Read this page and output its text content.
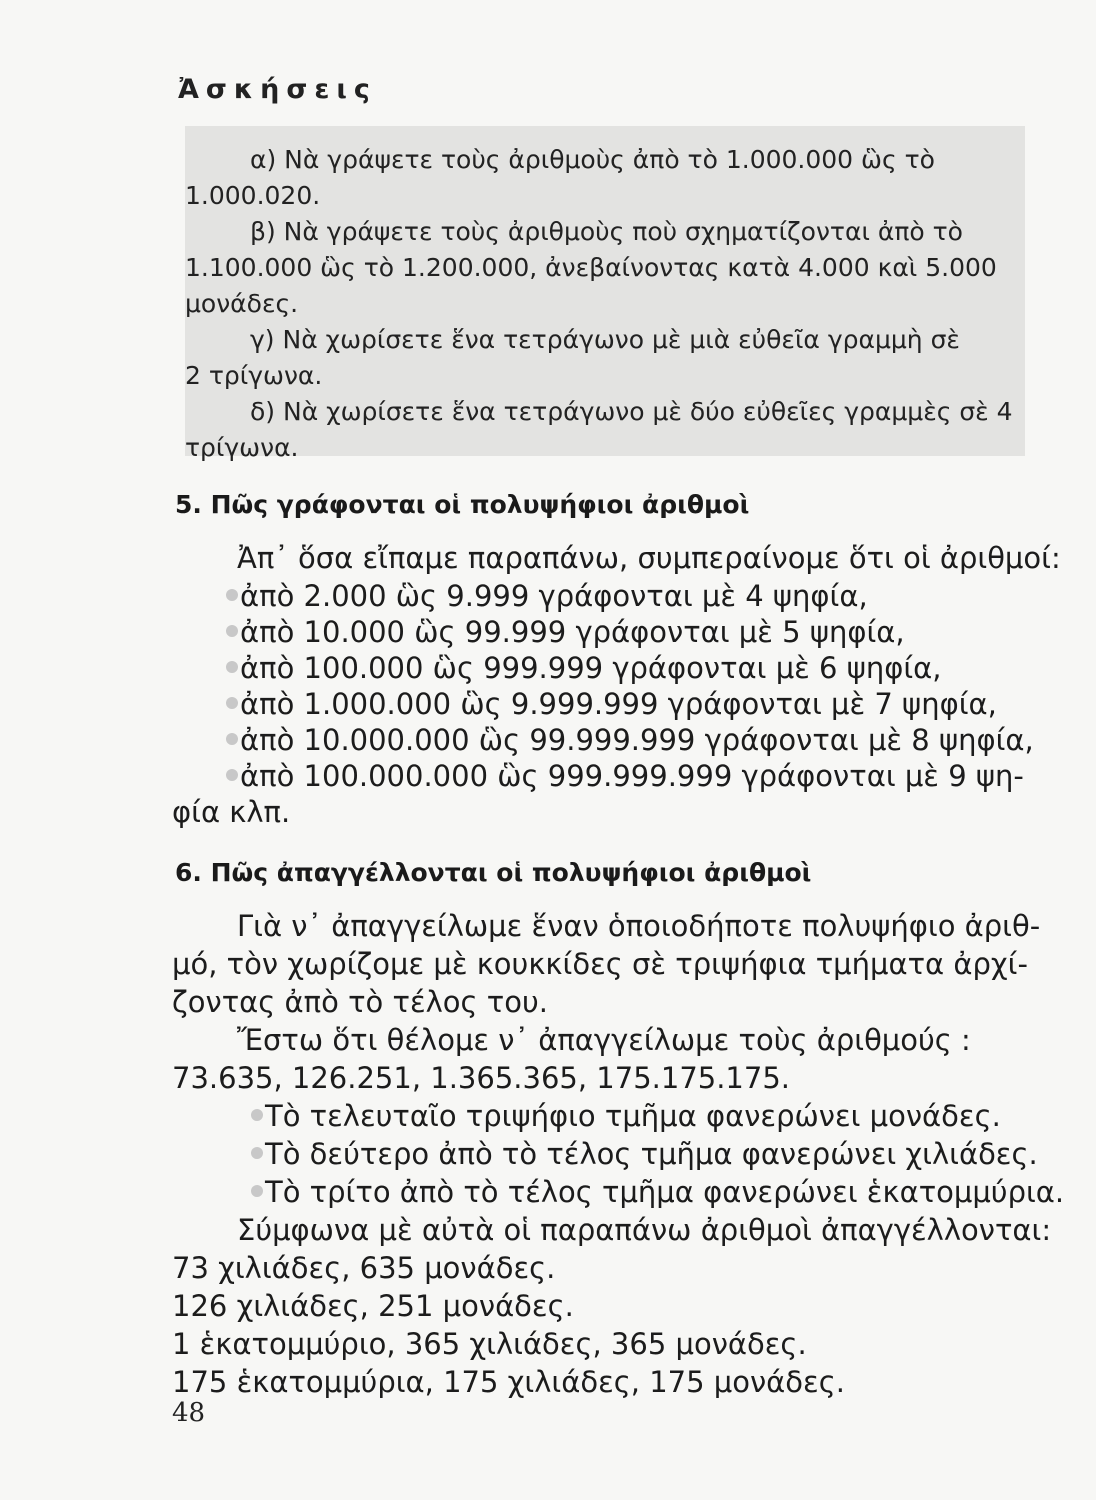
Ἀσκήσεις
α) Νὰ γράψετε τοὺς ἀριθμοὺς ἀπὸ τὸ 1.000.000 ὣς τὸ
1.000.020.
β) Νὰ γράψετε τοὺς ἀριθμοὺς ποὺ σχηματίζονται ἀπὸ τὸ
1.100.000 ὣς τὸ 1.200.000, ἀνεβαίνοντας κατὰ 4.000 καὶ 5.000
μονάδες.
γ) Νὰ χωρίσετε ἕνα τετράγωνο μὲ μιὰ εὐθεῖα γραμμὴ σὲ
2 τρίγωνα.
δ) Νὰ χωρίσετε ἕνα τετράγωνο μὲ δύο εὐθεῖες γραμμὲς σὲ 4
τρίγωνα.
5. Πῶς γράφονται οἱ πολυψήφιοι ἀριθμοὶ
Ἀπ᾽ ὅσα εἴπαμε παραπάνω, συμπεραίνομε ὅτι οἱ ἀριθμοί:
ἀπὸ 2.000 ὣς 9.999 γράφονται μὲ 4 ψηφία,
ἀπὸ 10.000 ὣς 99.999 γράφονται μὲ 5 ψηφία,
ἀπὸ 100.000 ὣς 999.999 γράφονται μὲ 6 ψηφία,
ἀπὸ 1.000.000 ὣς 9.999.999 γράφονται μὲ 7 ψηφία,
ἀπὸ 10.000.000 ὣς 99.999.999 γράφονται μὲ 8 ψηφία,
ἀπὸ 100.000.000 ὣς 999.999.999 γράφονται μὲ 9 ψη-
φία κλπ.
6. Πῶς ἀπαγγέλλονται οἱ πολυψήφιοι ἀριθμοὶ
Γιὰ ν᾽ ἀπαγγείλωμε ἕναν ὁποιοδήποτε πολυψήφιο ἀριθ-
μό, τὸν χωρίζομε μὲ κουκκίδες σὲ τριψήφια τμήματα ἀρχί-
ζοντας ἀπὸ τὸ τέλος του.
Ἔστω ὅτι θέλομε ν᾽ ἀπαγγείλωμε τοὺς ἀριθμούς :
73.635, 126.251, 1.365.365, 175.175.175.
Τὸ τελευταῖο τριψήφιο τμῆμα φανερώνει μονάδες.
Τὸ δεύτερο ἀπὸ τὸ τέλος τμῆμα φανερώνει χιλιάδες.
Τὸ τρίτο ἀπὸ τὸ τέλος τμῆμα φανερώνει ἑκατομμύρια.
Σύμφωνα μὲ αὐτὰ οἱ παραπάνω ἀριθμοὶ ἀπαγγέλλονται:
73 χιλιάδες, 635 μονάδες.
126 χιλιάδες, 251 μονάδες.
1 ἑκατομμύριο, 365 χιλιάδες, 365 μονάδες.
175 ἑκατομμύρια, 175 χιλιάδες, 175 μονάδες.
48
